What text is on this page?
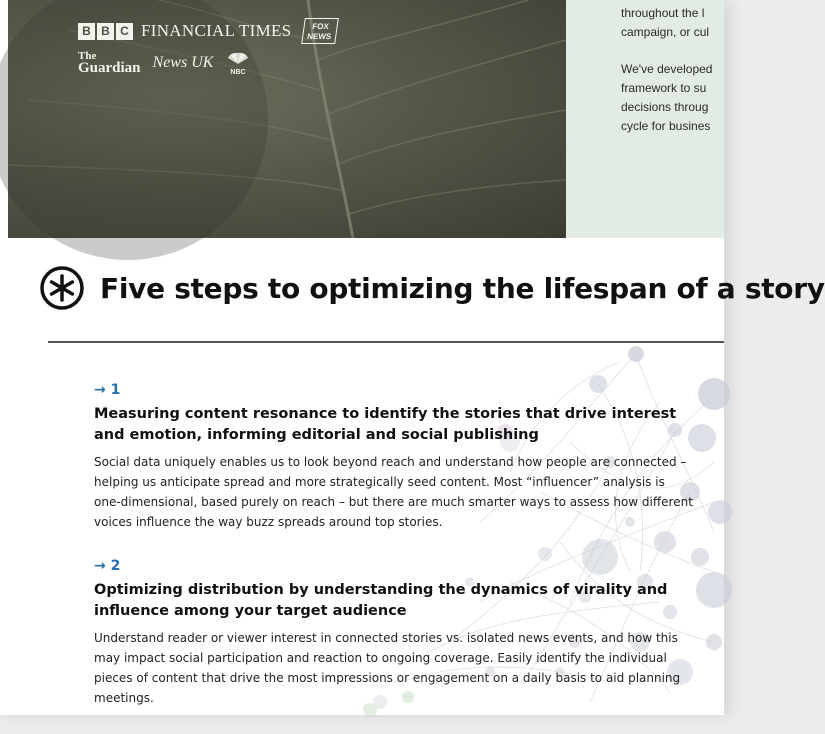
B B C FINANCIAL TIMES	FOX
NEWS
The
Guardian News UK
NBC

throughout the l

campaign, or cul

We've developed

framework to su

decisions throug

cycle for busines

Five steps to optimizing the lifespan of a story
→ 1
Measuring content resonance to identify the stories that drive interest and emotion, informing editorial and social publishing

Social data uniquely enables us to look beyond reach and understand how people are connected – helping us anticipate spread and more strategically seed content. Most “influencer” analysis is one-dimensional, based purely on reach – but there are much smarter ways to assess how different voices influence the way buzz spreads around top stories.

→ 2
Optimizing distribution by understanding the dynamics of virality and influence among your target audience

Understand reader or viewer interest in connected stories vs. isolated news events, and how this may impact social participation and reaction to ongoing coverage. Easily identify the individual pieces of content that drive the most impressions or engagement on a daily basis to aid planning meetings.
